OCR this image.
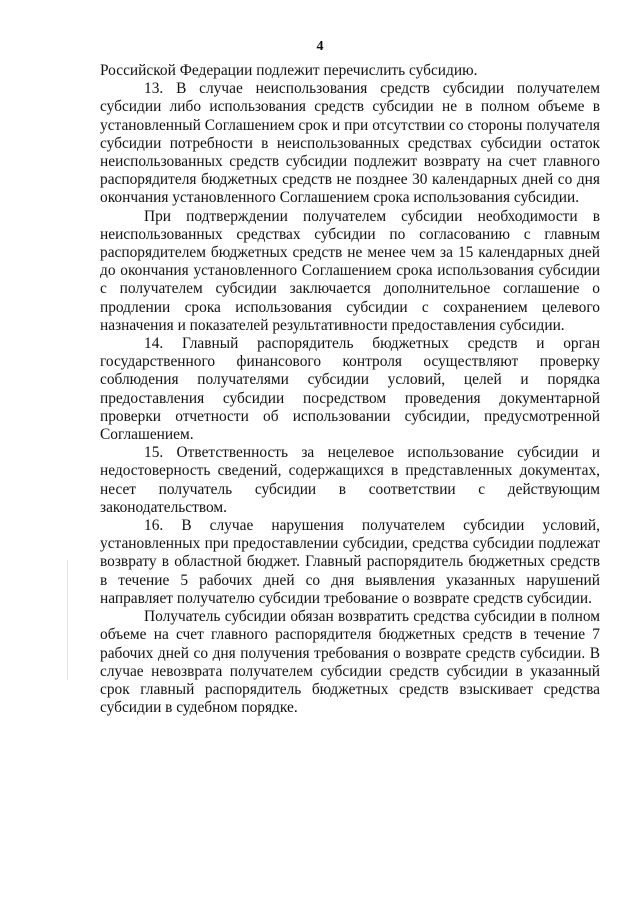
4

Российской Федерации подлежит перечислить субсидию.

13. В случае неиспользования средств субсидии получателем субсидии либо использования средств субсидии не в полном объеме в установленный Соглашением срок и при отсутствии со стороны получателя субсидии потребности в неиспользованных средствах субсидии остаток неиспользованных средств субсидии подлежит возврату на счет главного распорядителя бюджетных средств не позднее 30 календарных дней со дня окончания установленного Соглашением срока использования субсидии.

При подтверждении получателем субсидии необходимости в неиспользованных средствах субсидии по согласованию с главным распорядителем бюджетных средств не менее чем за 15 календарных дней до окончания установленного Соглашением срока использования субсидии с получателем субсидии заключается дополнительное соглашение о продлении срока использования субсидии с сохранением целевого назначения и показателей результативности предоставления субсидии.

14. Главный распорядитель бюджетных средств и орган государственного финансового контроля осуществляют проверку соблюдения получателями субсидии условий, целей и порядка предоставления субсидии посредством проведения документарной проверки отчетности об использовании субсидии, предусмотренной Соглашением.

15. Ответственность за нецелевое использование субсидии и недостоверность сведений, содержащихся в представленных документах, несет получатель субсидии в соответствии с действующим законодательством.

16. В случае нарушения получателем субсидии условий, установленных при предоставлении субсидии, средства субсидии подлежат возврату в областной бюджет. Главный распорядитель бюджетных средств в течение 5 рабочих дней со дня выявления указанных нарушений направляет получателю субсидии требование о возврате средств субсидии.

Получатель субсидии обязан возвратить средства субсидии в полном объеме на счет главного распорядителя бюджетных средств в течение 7 рабочих дней со дня получения требования о возврате средств субсидии. В случае невозврата получателем субсидии средств субсидии в указанный срок главный распорядитель бюджетных средств взыскивает средства субсидии в судебном порядке.
